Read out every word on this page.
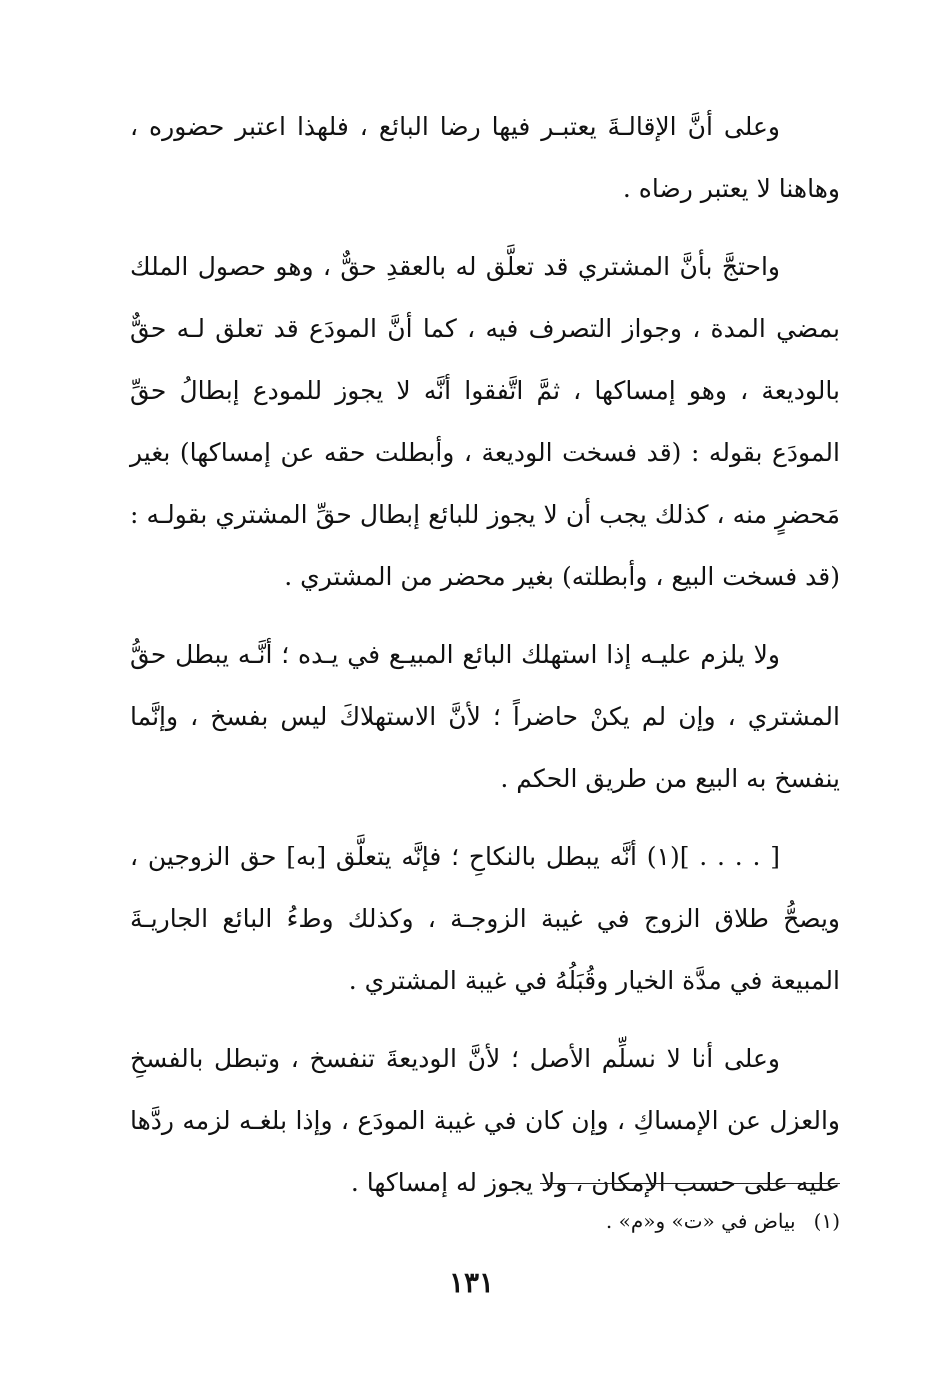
وعلى أنَّ الإقالـةَ يعتبـر فيها رضا البائع ، فلهذا اعتبر حضوره ، وهاهنا لا يعتبر رضاه .

واحتجَّ بأنَّ المشتري قد تعلَّق له بالعقدِ حقٌّ ، وهو حصول الملك بمضي المدة ، وجواز التصرف فيه ، كما أنَّ المودَع قد تعلق لـه حقٌّ بالوديعة ، وهو إمساكها ، ثمَّ اتَّفقوا أنَّه لا يجوز للمودع إبطالُ حقِّ المودَع بقوله : (قد فسخت الوديعة ، وأبطلت حقه عن إمساكها) بغير مَحضرٍ منه ، كذلك يجب أن لا يجوز للبائع إبطال حقِّ المشتري بقولـه : (قد فسخت البيع ، وأبطلته) بغير محضر من المشتري .

ولا يلزم عليـه إذا استهلك البائع المبيـع في يـده ؛ أنَّـه يبطل حقُّ المشتري ، وإن لم يكنْ حاضراً ؛ لأنَّ الاستهلاكَ ليس بفسخ ، وإنَّما ينفسخ به البيع من طريق الحكم .

[ . . . . ](١) أنَّه يبطل بالنكاحِ ؛ فإنَّه يتعلَّق [به] حق الزوجين ، ويصحُّ طلاق الزوج في غيبة الزوجـة ، وكذلك وطءُ البائع الجاريـةَ المبيعة في مدَّة الخيار وقُبَلُهُ في غيبة المشتري .

وعلى أنا لا نسلِّم الأصل ؛ لأنَّ الوديعةَ تنفسخ ، وتبطل بالفسخِ والعزل عن الإمساكِ ، وإن كان في غيبة المودَع ، وإذا بلغـه لزمه ردَّها عليه على حسب الإمكان ، ولا يجوز له إمساكها .

(١)بياض في «ت» و«م» .
١٣١
